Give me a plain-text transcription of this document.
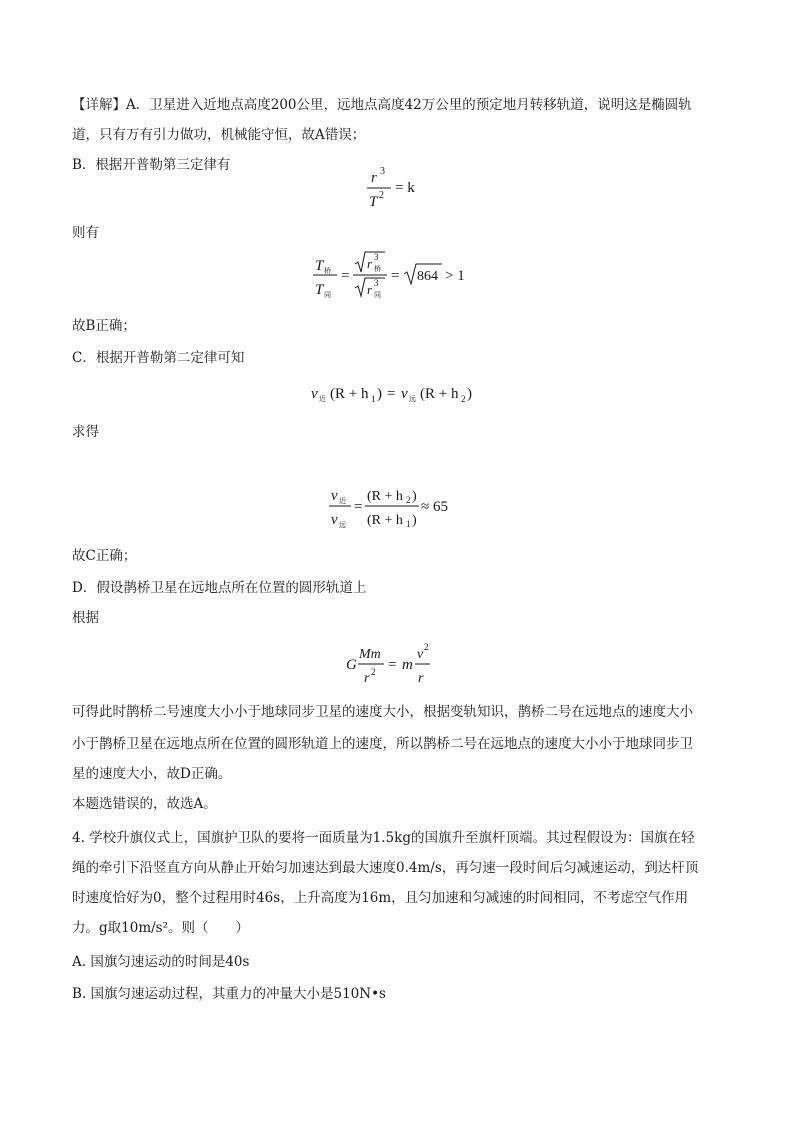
【详解】A．卫星进入近地点高度200公里，远地点高度42万公里的预定地月转移轨道，说明这是椭圆轨
道，只有万有引力做功，机械能守恒，故A错误；
B．根据开普勒第三定律有
r 3
T 2 = k
则有
T 桥
T 同
=
r 3
桥
r 3
同
= 864 > 1
故B正确；
C．根据开普勒第二定律可知
v 近 (R + h 1 ) = v 远 (R + h 2 )
求得
v 近
v 远
=
(R + h 2 )
(R + h 1 )
≈ 65
故C正确；
D．假设鹊桥卫星在远地点所在位置的圆形轨道上
根据
G
Mm
r 2 = m
v 2
r
可得此时鹊桥二号速度大小小于地球同步卫星的速度大小，根据变轨知识，鹊桥二号在远地点的速度大小
小于鹊桥卫星在远地点所在位置的圆形轨道上的速度，所以鹊桥二号在远地点的速度大小小于地球同步卫
星的速度大小，故D正确。
本题选错误的，故选A。
4. 学校升旗仪式上，国旗护卫队的要将一面质量为1.5kg的国旗升至旗杆顶端。其过程假设为：国旗在轻
绳的牵引下沿竖直方向从静止开始匀加速达到最大速度0.4m/s，再匀速一段时间后匀减速运动，到达杆顶
时速度恰好为0，整个过程用时46s，上升高度为16m，且匀加速和匀减速的时间相同，不考虑空气作用
力。g取10m/s²。则（　　）
A. 国旗匀速运动的时间是40s
B. 国旗匀速运动过程，其重力的冲量大小是510N•s
